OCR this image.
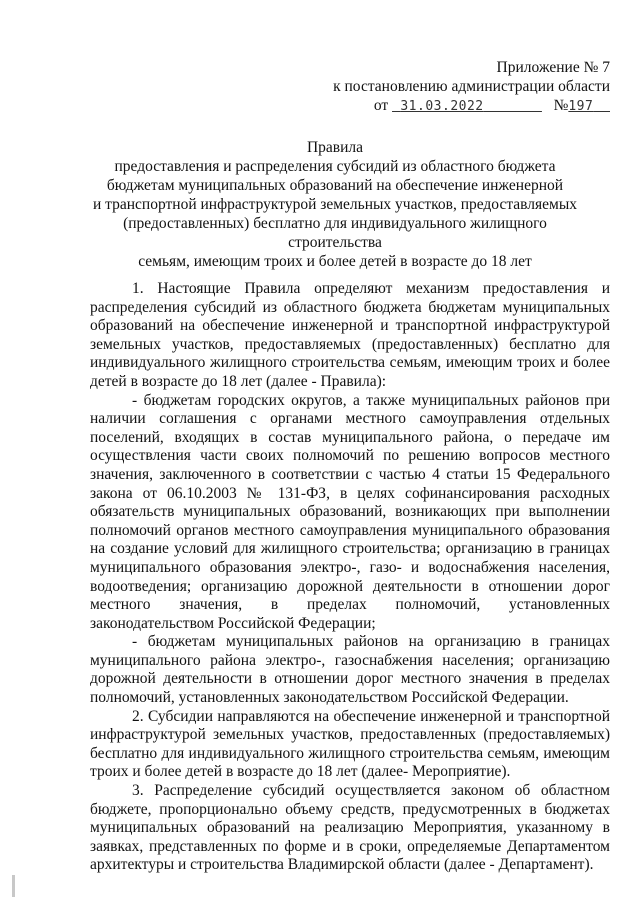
Приложение № 7
к постановлению администрации области
от 31.03.2022	№197
Правила
предоставления и распределения субсидий из областного бюджета
бюджетам муниципальных образований на обеспечение инженерной
и транспортной инфраструктурой земельных участков, предоставляемых
(предоставленных) бесплатно для индивидуального жилищного строительства
семьям, имеющим троих и более детей в возрасте до 18 лет

1. Настоящие Правила определяют механизм предоставления и распределения субсидий из областного бюджета бюджетам муниципальных образований на обеспечение инженерной и транспортной инфраструктурой земельных участков, предоставляемых (предоставленных) бесплатно для индивидуального жилищного строительства семьям, имеющим троих и более детей в возрасте до 18 лет (далее - Правила):

- бюджетам городских округов, а также муниципальных районов при наличии соглашения с органами местного самоуправления отдельных поселений, входящих в состав муниципального района, о передаче им осуществления части своих полномочий по решению вопросов местного значения, заключенного в соответствии с частью 4 статьи 15 Федерального закона от 06.10.2003 № 131-ФЗ, в целях софинансирования расходных обязательств муниципальных образований, возникающих при выполнении полномочий органов местного самоуправления муниципального образования на создание условий для жилищного строительства; организацию в границах муниципального образования электро-, газо- и водоснабжения населения, водоотведения; организацию дорожной деятельности в отношении дорог местного значения, в пределах полномочий, установленных законодательством Российской Федерации;

- бюджетам муниципальных районов на организацию в границах муниципального района электро-, газоснабжения населения; организацию дорожной деятельности в отношении дорог местного значения в пределах полномочий, установленных законодательством Российской Федерации.

2. Субсидии направляются на обеспечение инженерной и транспортной инфраструктурой земельных участков, предоставленных (предоставляемых) бесплатно для индивидуального жилищного строительства семьям, имеющим троих и более детей в возрасте до 18 лет (далее- Мероприятие).

3. Распределение субсидий осуществляется законом об областном бюджете, пропорционально объему средств, предусмотренных в бюджетах муниципальных образований на реализацию Мероприятия, указанному в заявках, представленных по форме и в сроки, определяемые Департаментом архитектуры и строительства Владимирской области (далее - Департамент).
